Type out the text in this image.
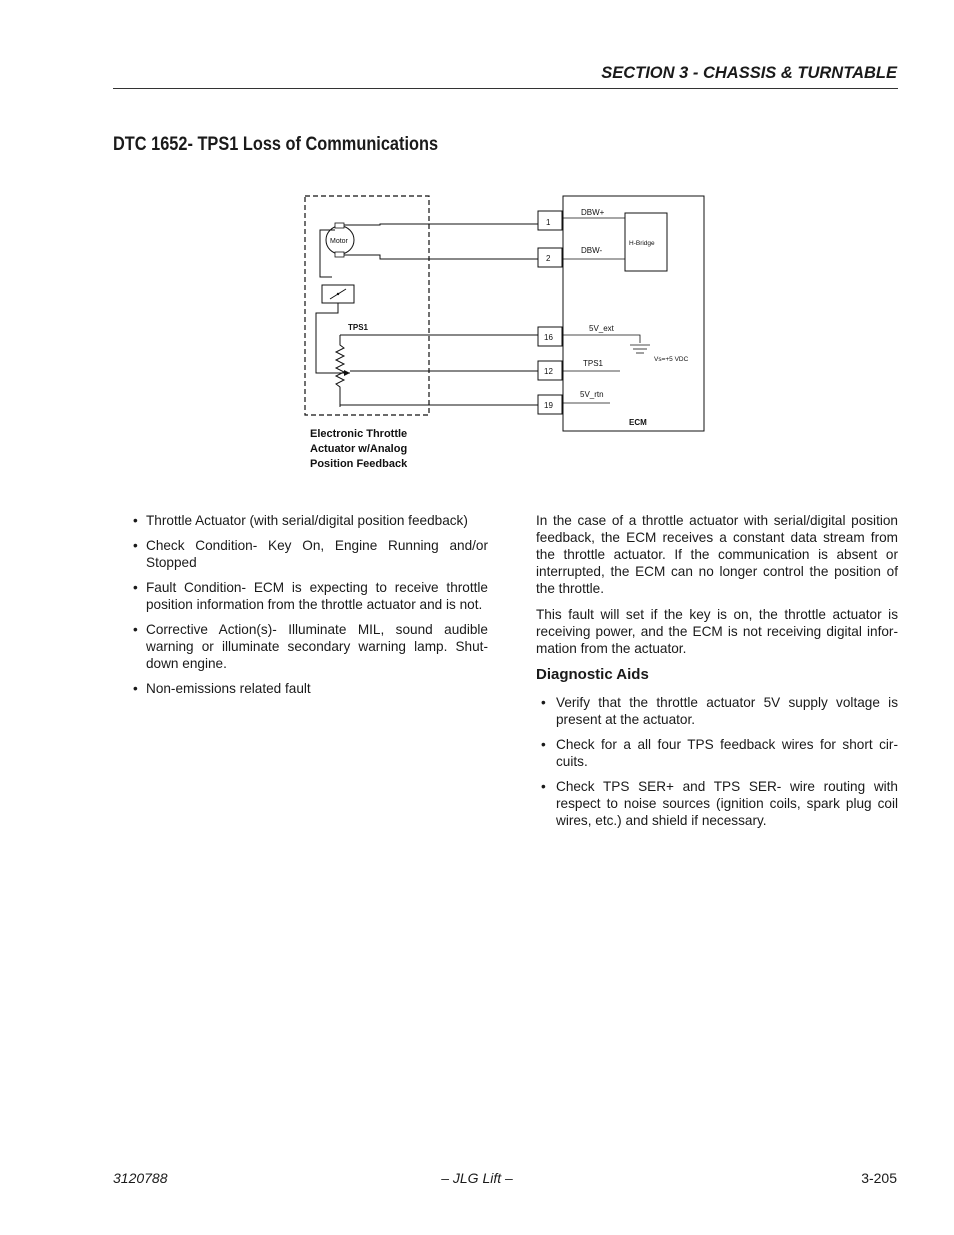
SECTION 3 - CHASSIS & TURNTABLE
DTC 1652- TPS1 Loss of Communications
Motor
TPS1
1
2
16
12
19
H-Bridge
DBW+
DBW-
5V_ext
TPS1
5V_rtn
Vs=+5 VDC
ECM
Electronic Throttle
Actuator w/Analog
Position Feedback
• Throttle Actuator (with serial/digital position feedback)
• Check Condition- Key On, Engine Running and/or Stopped
• Fault Condition- ECM is expecting to receive throttle position information from the throttle actuator and is not.
• Corrective Action(s)- Illuminate MIL, sound audible warning or illuminate secondary warning lamp. Shut-down engine.
• Non-emissions related fault

In the case of a throttle actuator with serial/digital position feedback, the ECM receives a constant data stream from the throttle actuator. If the communication is absent or interrupted, the ECM can no longer control the position of the throttle.

This fault will set if the key is on, the throttle actuator is receiving power, and the ECM is not receiving digital infor-mation from the actuator.

Diagnostic Aids
• Verify that the throttle actuator 5V supply voltage is present at the actuator.
• Check for a all four TPS feedback wires for short cir-cuits.
• Check TPS SER+ and TPS SER- wire routing with respect to noise sources (ignition coils, spark plug coil wires, etc.) and shield if necessary.
3120788	– JLG Lift –	3-205
